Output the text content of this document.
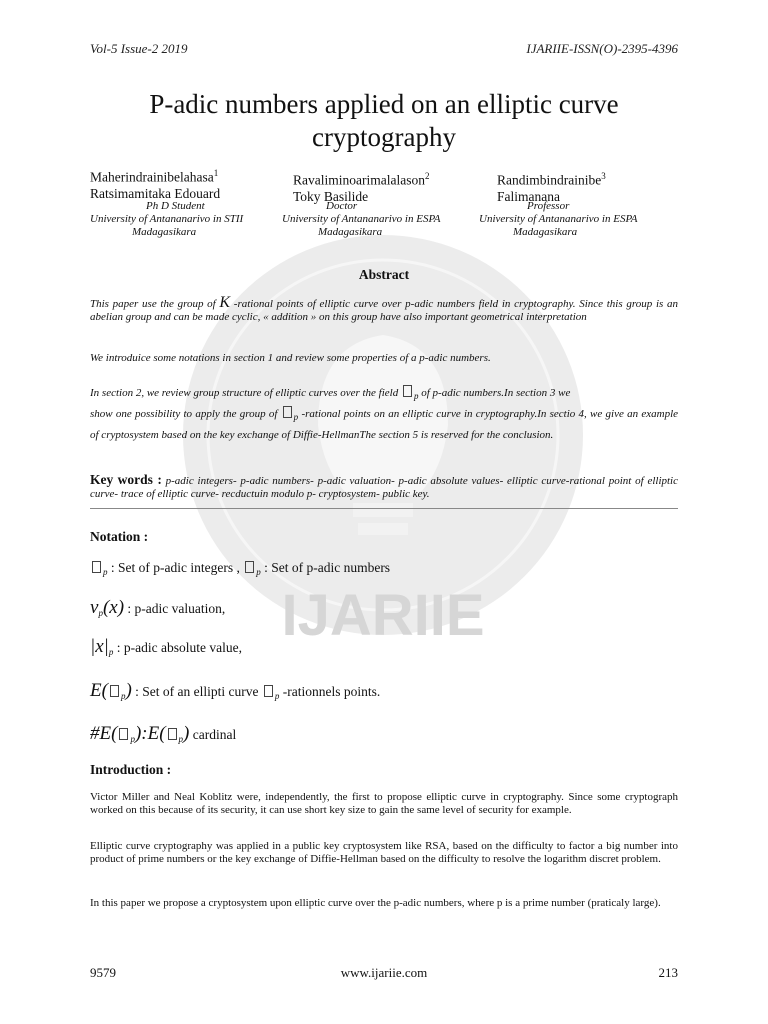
IJARIIE
Vol-5 Issue-2 2019	IJARIIE-ISSN(O)-2395-4396
P-adic numbers applied on an elliptic curve
cryptography
Maherindrainibelahasa$^1$
Ratsimamitaka Edouard
Ravaliminoarimalalason$^2$
Toky Basilide
Randimbindrainibe$^3$
Falimanana
Ph D Student
University of Antananarivo in STII
Madagasikara
Doctor
University of Antananarivo in ESPA
Madagasikara
Professor
University of Antananarivo in ESPA
Madagasikara
Abstract
This paper use the group of K -rational points of elliptic curve over p-adic numbers field in cryptography. Since this group is an abelian group and can be made cyclic, « addition » on this group have also important geometrical interpretation
We introduice some notations in section 1 and review some properties of a p-adic numbers.
In section 2, we review group structure of elliptic curves over the field $_p$ of p-adic numbers.In section 3 we
show one possibility to apply the group of $_p$ -rational points on an elliptic curve in cryptography.In sectio 4, we give an example of cryptosystem based on the key exchange of Diffie-HellmanThe section 5 is reserved for the conclusion.
Key words : p-adic integers- p-adic numbers- p-adic valuation- p-adic absolute values- elliptic curve-rational point of elliptic curve- trace of elliptic curve- recductuin modulo p- cryptosystem- public key.
Notation :
$_p$ : Set of p-adic integers , $_p$ : Set of p-adic numbers
$v_p(x)$ : p-adic valuation,
$|x|_p$ : p-adic absolute value,
E( $_p$) : Set of an ellipti curve $_p$ -rationnels points.
#E( $_p$):E( $_p$) cardinal
Introduction :
Victor Miller and Neal Koblitz were, independently, the first to propose elliptic curve in cryptography. Since some cryptograph worked on this because of its security, it can use short key size to gain the same level of security for example.
Elliptic curve cryptography was applied in a public key cryptosystem like RSA, based on the difficulty to factor a big number into product of prime numbers or the key exchange of Diffie-Hellman based on the difficulty to resolve the logarithm discret problem.
In this paper we propose a cryptosystem upon elliptic curve over the p-adic numbers, where p is a prime number (praticaly large).
9579	www.ijariie.com	213
